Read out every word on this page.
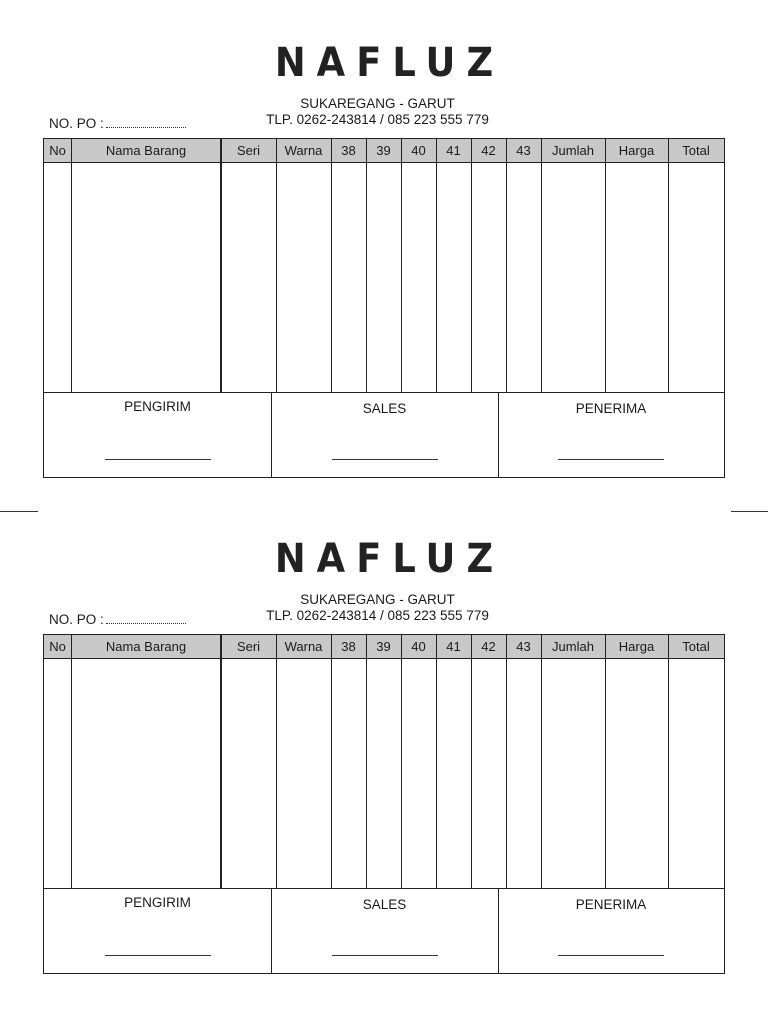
NAFLUZ
SUKAREGANG - GARUT
TLP. 0262-243814 / 085 223 555 779
NO. PO :
No	Nama Barang	Seri	Warna	38	39	40	41	42	43	Jumlah	Harga	Total
PENGIRIM	SALES	PENERIMA
NAFLUZ
SUKAREGANG - GARUT
TLP. 0262-243814 / 085 223 555 779
NO. PO :
No	Nama Barang	Seri	Warna	38	39	40	41	42	43	Jumlah	Harga	Total
PENGIRIM	SALES	PENERIMA
